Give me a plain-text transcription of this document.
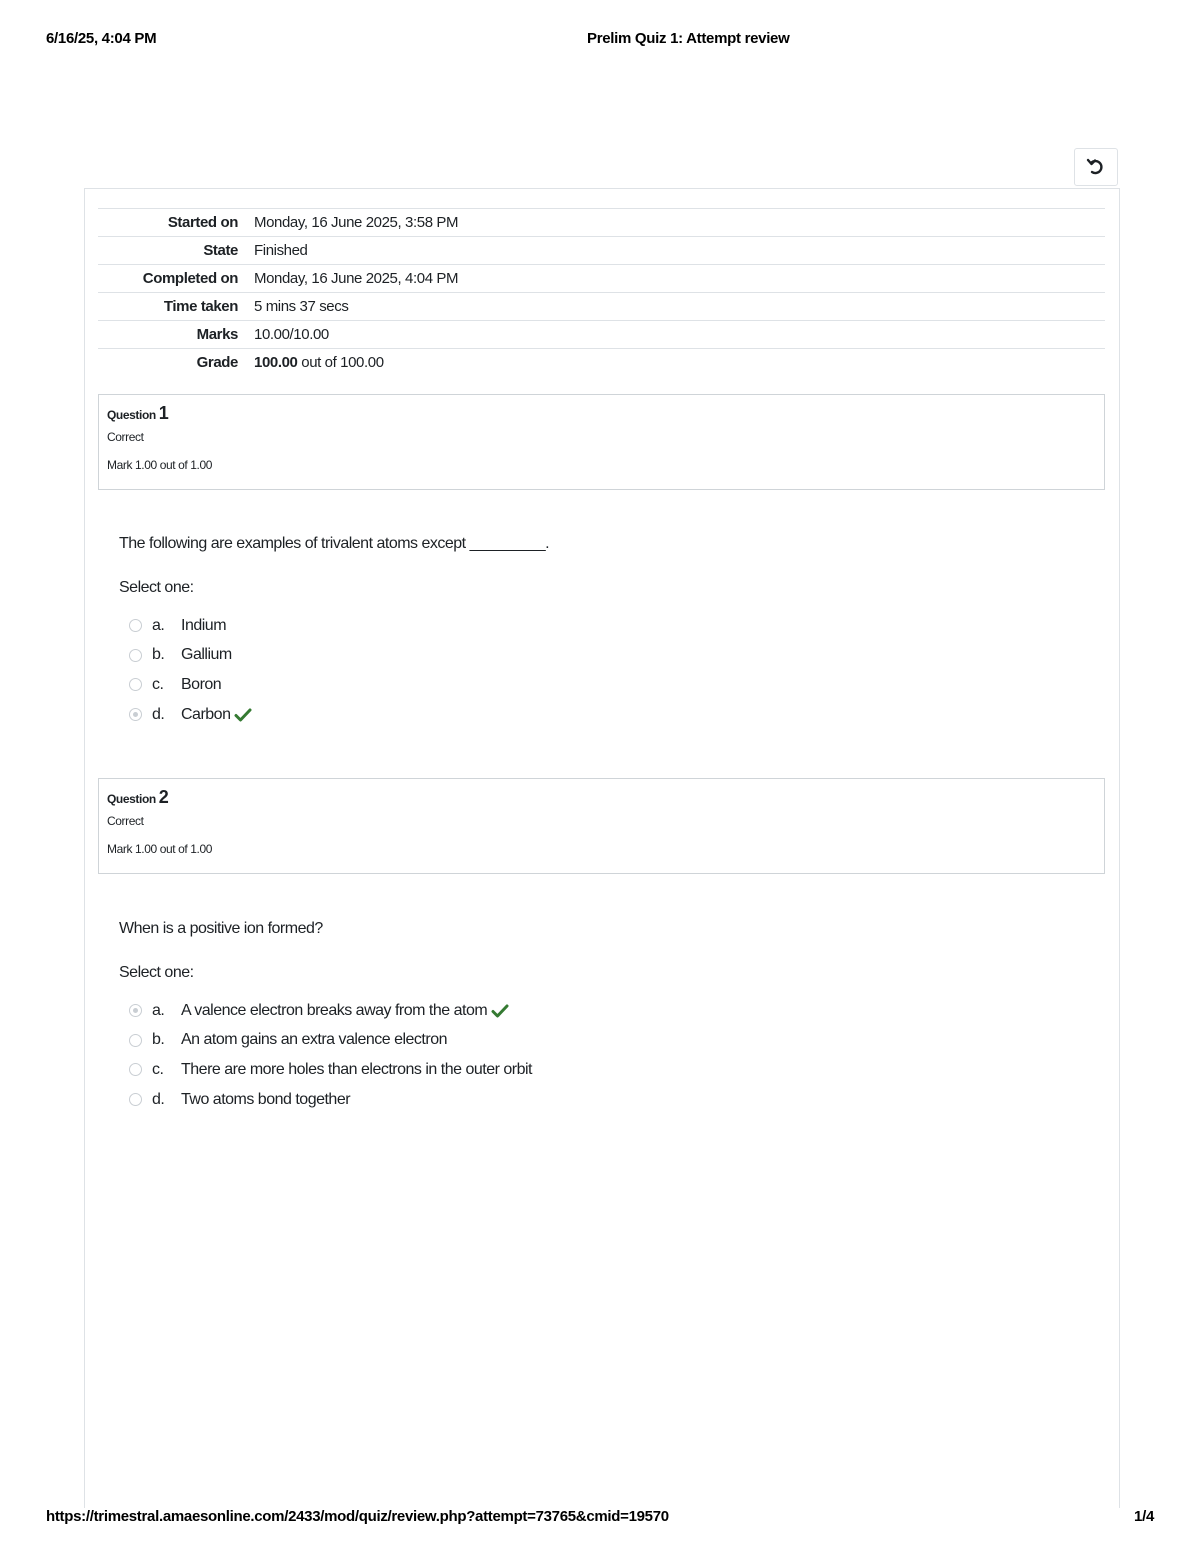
6/16/25, 4:04 PM	Prelim Quiz 1: Attempt review
Started on	Monday, 16 June 2025, 3:58 PM
State	Finished
Completed on	Monday, 16 June 2025, 4:04 PM
Time taken	5 mins 37 secs
Marks	10.00/10.00
Grade	100.00 out of 100.00
Question 1
Correct
Mark 1.00 out of 1.00
The following are examples of trivalent atoms except _________.
Select one:
a.	Indium
b.	Gallium
c.	Boron
d.	Carbon
Question 2
Correct
Mark 1.00 out of 1.00
When is a positive ion formed?
Select one:
a.	A valence electron breaks away from the atom
b.	An atom gains an extra valence electron
c.	There are more holes than electrons in the outer orbit
d.	Two atoms bond together
https://trimestral.amaesonline.com/2433/mod/quiz/review.php?attempt=73765&cmid=19570	1/4
